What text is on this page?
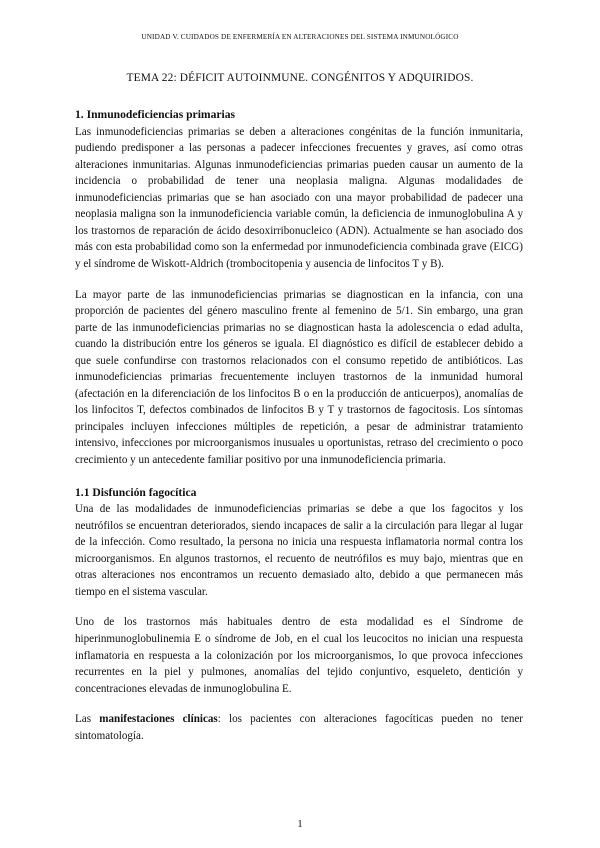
UNIDAD V. CUIDADOS DE ENFERMERÍA EN ALTERACIONES DEL SISTEMA INMUNOLÓGICO
TEMA 22: DÉFICIT AUTOINMUNE. CONGÉNITOS Y ADQUIRIDOS.

1. Inmunodeficiencias primarias

Las inmunodeficiencias primarias se deben a alteraciones congénitas de la función inmunitaria, pudiendo predisponer a las personas a padecer infecciones frecuentes y graves, así como otras alteraciones inmunitarias. Algunas inmunodeficiencias primarias pueden causar un aumento de la incidencia o probabilidad de tener una neoplasia maligna. Algunas modalidades de inmunodeficiencias primarias que se han asociado con una mayor probabilidad de padecer una neoplasia maligna son la inmunodeficiencia variable común, la deficiencia de inmunoglobulina A y los trastornos de reparación de ácido desoxirribonucleico (ADN). Actualmente se han asociado dos más con esta probabilidad como son la enfermedad por inmunodeficiencia combinada grave (EICG) y el síndrome de Wiskott-Aldrich (trombocitopenia y ausencia de linfocitos T y B).

La mayor parte de las inmunodeficiencias primarias se diagnostican en la infancia, con una proporción de pacientes del género masculino frente al femenino de 5/1. Sin embargo, una gran parte de las inmunodeficiencias primarias no se diagnostican hasta la adolescencia o edad adulta, cuando la distribución entre los géneros se iguala. El diagnóstico es difícil de establecer debido a que suele confundirse con trastornos relacionados con el consumo repetido de antibióticos. Las inmunodeficiencias primarias frecuentemente incluyen trastornos de la inmunidad humoral (afectación en la diferenciación de los linfocitos B o en la producción de anticuerpos), anomalías de los linfocitos T, defectos combinados de linfocitos B y T y trastornos de fagocitosis. Los síntomas principales incluyen infecciones múltiples de repetición, a pesar de administrar tratamiento intensivo, infecciones por microorganismos inusuales u oportunistas, retraso del crecimiento o poco crecimiento y un antecedente familiar positivo por una inmunodeficiencia primaria.

1.1 Disfunción fagocítica

Una de las modalidades de inmunodeficiencias primarias se debe a que los fagocitos y los neutrófilos se encuentran deteriorados, siendo incapaces de salir a la circulación para llegar al lugar de la infección. Como resultado, la persona no inicia una respuesta inflamatoria normal contra los microorganismos. En algunos trastornos, el recuento de neutrófilos es muy bajo, mientras que en otras alteraciones nos encontramos un recuento demasiado alto, debido a que permanecen más tiempo en el sistema vascular.

Uno de los trastornos más habituales dentro de esta modalidad es el Síndrome de hiperinmunoglobulinemia E o síndrome de Job, en el cual los leucocitos no inician una respuesta inflamatoria en respuesta a la colonización por los microorganismos, lo que provoca infecciones recurrentes en la piel y pulmones, anomalías del tejido conjuntivo, esqueleto, dentición y concentraciones elevadas de inmunoglobulina E.

Las manifestaciones clínicas: los pacientes con alteraciones fagocíticas pueden no tener sintomatología.

1
